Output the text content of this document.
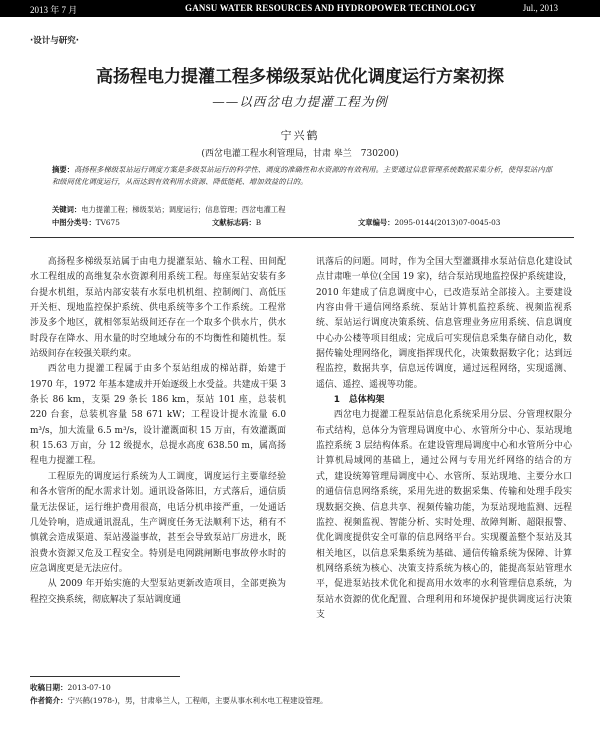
2013 年 7 月	GANSU WATER RESOURCES AND HYDROPOWER TECHNOLOGY	Jul., 2013
·设计与研究·
高扬程电力提灌工程多梯级泵站优化调度运行方案初探
——以西岔电力提灌工程为例
宁兴鹤
(西岔电灌工程水利管理局，甘肃 皋兰　730200)
摘要：高扬程多梯级泵站运行调度方案是多级泵站运行的科学性、调度的准确性和水资源的有效利用。主要通过信息管理系统数据采集分析，使得泵站内部和级间优化调度运行，从而达到有效利用水资源、降低能耗、增加效益的目的。
关键词：电力提灌工程；梯级泵站；调度运行；信息管理；西岔电灌工程
中图分类号：TV675	文献标志码：B	文章编号：2095-0144(2013)07-0045-03

高扬程多梯级泵站属于由电力提灌泵站、输水工程、田间配水工程组成的高维复杂水资源利用系统工程。每座泵站安装有多台提水机组，泵站内部安装有水泵电机机组、控制阀门、高低压开关柜、现地监控保护系统、供电系统等多个工作系统。工程常涉及多个地区，就相邻泵站级间还存在一个取多个供水片，供水时段存在降水、用水量的时空地域分布的不均衡性和随机性。泵站级间存在较强关联约束。

西岔电力提灌工程属于由多个泵站组成的梯站群，始建于 1970 年，1972 年基本建成并开始逐级上水受益。共建成干渠 3 条长 86 km，支渠 29 条长 186 km，泵站 101 座，总装机 220 台套，总装机容量 58 671 kW；工程设计提水流量 6.0 m³/s，加大流量 6.5 m³/s，设计灌溉面积 15 万亩，有效灌溉面积 15.63 万亩，分 12 级提水，总提水高度 638.50 m，属高扬程电力提灌工程。

工程原先的调度运行系统为人工调度，调度运行主要靠经验和各水管所的配水需求计划。通讯设备陈旧，方式落后，通信质量无法保证，运行维护费用很高，电话分机串接严重，一处通话几处铃响，造成通讯混乱，生产调度任务无法顺利下达，稍有不慎就会造成渠道、泵站漫溢事故，甚至会导致泵站厂房进水，既浪费水资源又危及工程安全。特别是电网跳闸断电事故停水时的应急调度更是无法应付。

从 2009 年开始实施的大型泵站更新改造项目，全部更换为程控交换系统，彻底解决了泵站调度通

讯落后的问题。同时，作为全国大型灌溉排水泵站信息化建设试点甘肃唯一单位(全国 19 家)，结合泵站现地监控保护系统建设，2010 年建成了信息调度中心，已改造泵站全部接入。主要建设内容由骨干通信网络系统、泵站计算机监控系统、视频监视系统、泵站运行调度决策系统、信息管理业务应用系统、信息调度中心办公楼等项目组成；完成后可实现信息采集存储自动化，数据传输处理网络化，调度指挥现代化，决策数据数字化；达到远程监控，数据共享，信息远传调度，通过远程网络，实现遥测、遥信、遥控、遥视等功能。

1　总体构架

西岔电力提灌工程泵站信息化系统采用分层、分管理权限分布式结构，总体分为管理局调度中心、水管所分中心、泵站现地监控系统 3 层结构体系。在建设管理局调度中心和水管所分中心计算机局域网的基础上，通过公网与专用光纤网络的结合的方式，建设统筹管理局调度中心、水管所、泵站现地、主要分水口的通信信息网络系统，采用先进的数据采集、传输和处理手段实现数据交换、信息共享、视频传输功能，为泵站现地监测、远程监控、视频监视、智能分析、实时处理、故障判断、超限报警、优化调度提供安全可靠的信息网络平台。实现覆盖整个泵站及其相关地区，以信息采集系统为基础、通信传输系统为保障、计算机网络系统为核心、决策支持系统为核心的，能提高泵站管理水平，促进泵站技术优化和提高用水效率的水利管理信息系统，为泵站水资源的优化配置、合理利用和环境保护提供调度运行决策支

收稿日期：2013-07-10
作者简介：宁兴鹤(1978-)，男，甘肃皋兰人，工程师，主要从事水利水电工程建设管理。
